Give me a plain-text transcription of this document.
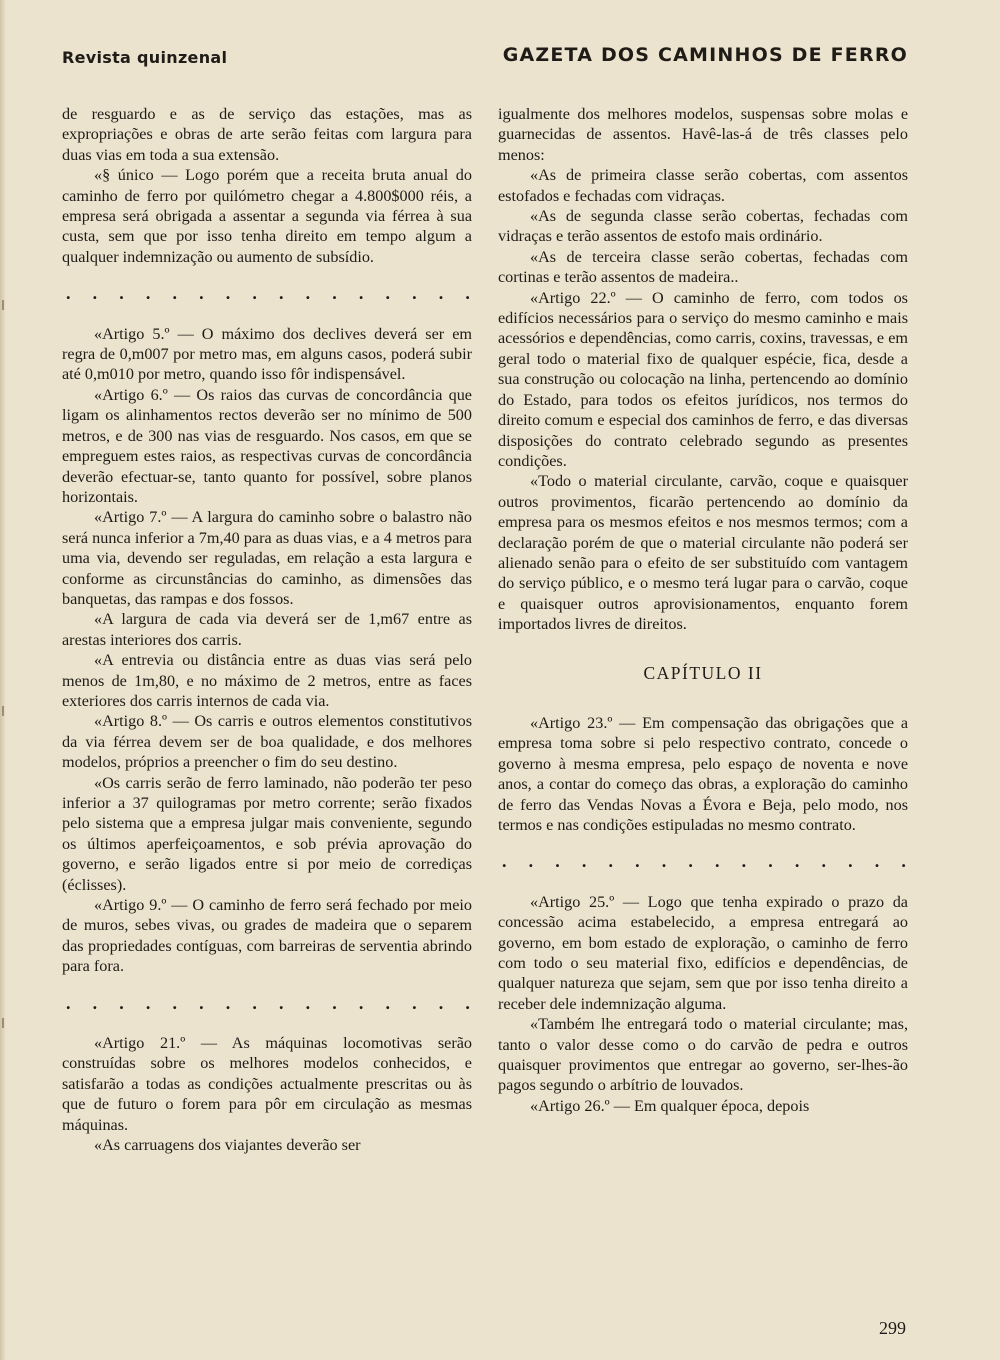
Revista quinzenal	GAZETA DOS CAMINHOS DE FERRO

de resguardo e as de serviço das estações, mas as expropriações e obras de arte serão feitas com largura para duas vias em toda a sua extensão.

«§ único — Logo porém que a receita bruta anual do caminho de ferro por quilómetro chegar a 4.800$000 réis, a empresa será obrigada a assentar a segunda via férrea à sua custa, sem que por isso tenha direito em tempo algum a qualquer indemnização ou aumento de subsídio.

. . . . . . . . . . . . . . . .

«Artigo 5.º — O máximo dos declives deverá ser em regra de 0,m007 por metro mas, em alguns casos, poderá subir até 0,m010 por metro, quando isso fôr indispensável.

«Artigo 6.º — Os raios das curvas de concordância que ligam os alinhamentos rectos deverão ser no mínimo de 500 metros, e de 300 nas vias de resguardo. Nos casos, em que se empreguem estes raios, as respectivas curvas de concordância deverão efectuar-se, tanto quanto for possível, sobre planos horizontais.

«Artigo 7.º — A largura do caminho sobre o balastro não será nunca inferior a 7m,40 para as duas vias, e a 4 metros para uma via, devendo ser reguladas, em relação a esta largura e conforme as circunstâncias do caminho, as dimensões das banquetas, das rampas e dos fossos.

«A largura de cada via deverá ser de 1,m67 entre as arestas interiores dos carris.

«A entrevia ou distância entre as duas vias será pelo menos de 1m,80, e no máximo de 2 metros, entre as faces exteriores dos carris internos de cada via.

«Artigo 8.º — Os carris e outros elementos constitutivos da via férrea devem ser de boa qualidade, e dos melhores modelos, próprios a preencher o fim do seu destino.

«Os carris serão de ferro laminado, não poderão ter peso inferior a 37 quilogramas por metro corrente; serão fixados pelo sistema que a empresa julgar mais conveniente, segundo os últimos aperfeiçoamentos, e sob prévia aprovação do governo, e serão ligados entre si por meio de corrediças (éclisses).

«Artigo 9.º — O caminho de ferro será fechado por meio de muros, sebes vivas, ou grades de madeira que o separem das propriedades contíguas, com barreiras de serventia abrindo para fora.

. . . . . . . . . . . . . . . .

«Artigo 21.º — As máquinas locomotivas serão construídas sobre os melhores modelos conhecidos, e satisfarão a todas as condições actualmente prescritas ou às que de futuro o forem para pôr em circulação as mesmas máquinas.

«As carruagens dos viajantes deverão ser

igualmente dos melhores modelos, suspensas sobre molas e guarnecidas de assentos. Havê-las-á de três classes pelo menos:

«As de primeira classe serão cobertas, com assentos estofados e fechadas com vidraças.

«As de segunda classe serão cobertas, fechadas com vidraças e terão assentos de estofo mais ordinário.

«As de terceira classe serão cobertas, fechadas com cortinas e terão assentos de madeira..

«Artigo 22.º — O caminho de ferro, com todos os edifícios necessários para o serviço do mesmo caminho e mais acessórios e dependências, como carris, coxins, travessas, e em geral todo o material fixo de qualquer espécie, fica, desde a sua construção ou colocação na linha, pertencendo ao domínio do Estado, para todos os efeitos jurídicos, nos termos do direito comum e especial dos caminhos de ferro, e das diversas disposições do contrato celebrado segundo as presentes condições.

«Todo o material circulante, carvão, coque e quaisquer outros provimentos, ficarão pertencendo ao domínio da empresa para os mesmos efeitos e nos mesmos termos; com a declaração porém de que o material circulante não poderá ser alienado senão para o efeito de ser substituído com vantagem do serviço público, e o mesmo terá lugar para o carvão, coque e quaisquer outros aprovisionamentos, enquanto forem importados livres de direitos.

CAPÍTULO II

«Artigo 23.º — Em compensação das obrigações que a empresa toma sobre si pelo respectivo contrato, concede o governo à mesma empresa, pelo espaço de noventa e nove anos, a contar do começo das obras, a exploração do caminho de ferro das Vendas Novas a Évora e Beja, pelo modo, nos termos e nas condições estipuladas no mesmo contrato.

. . . . . . . . . . . . . . . .

«Artigo 25.º — Logo que tenha expirado o prazo da concessão acima estabelecido, a empresa entregará ao governo, em bom estado de exploração, o caminho de ferro com todo o seu material fixo, edifícios e dependências, de qualquer natureza que sejam, sem que por isso tenha direito a receber dele indemnização alguma.

«Também lhe entregará todo o material circulante; mas, tanto o valor desse como o do carvão de pedra e outros quaisquer provimentos que entregar ao governo, ser-lhes-ão pagos segundo o arbítrio de louvados.

«Artigo 26.º — Em qualquer época, depois

299
